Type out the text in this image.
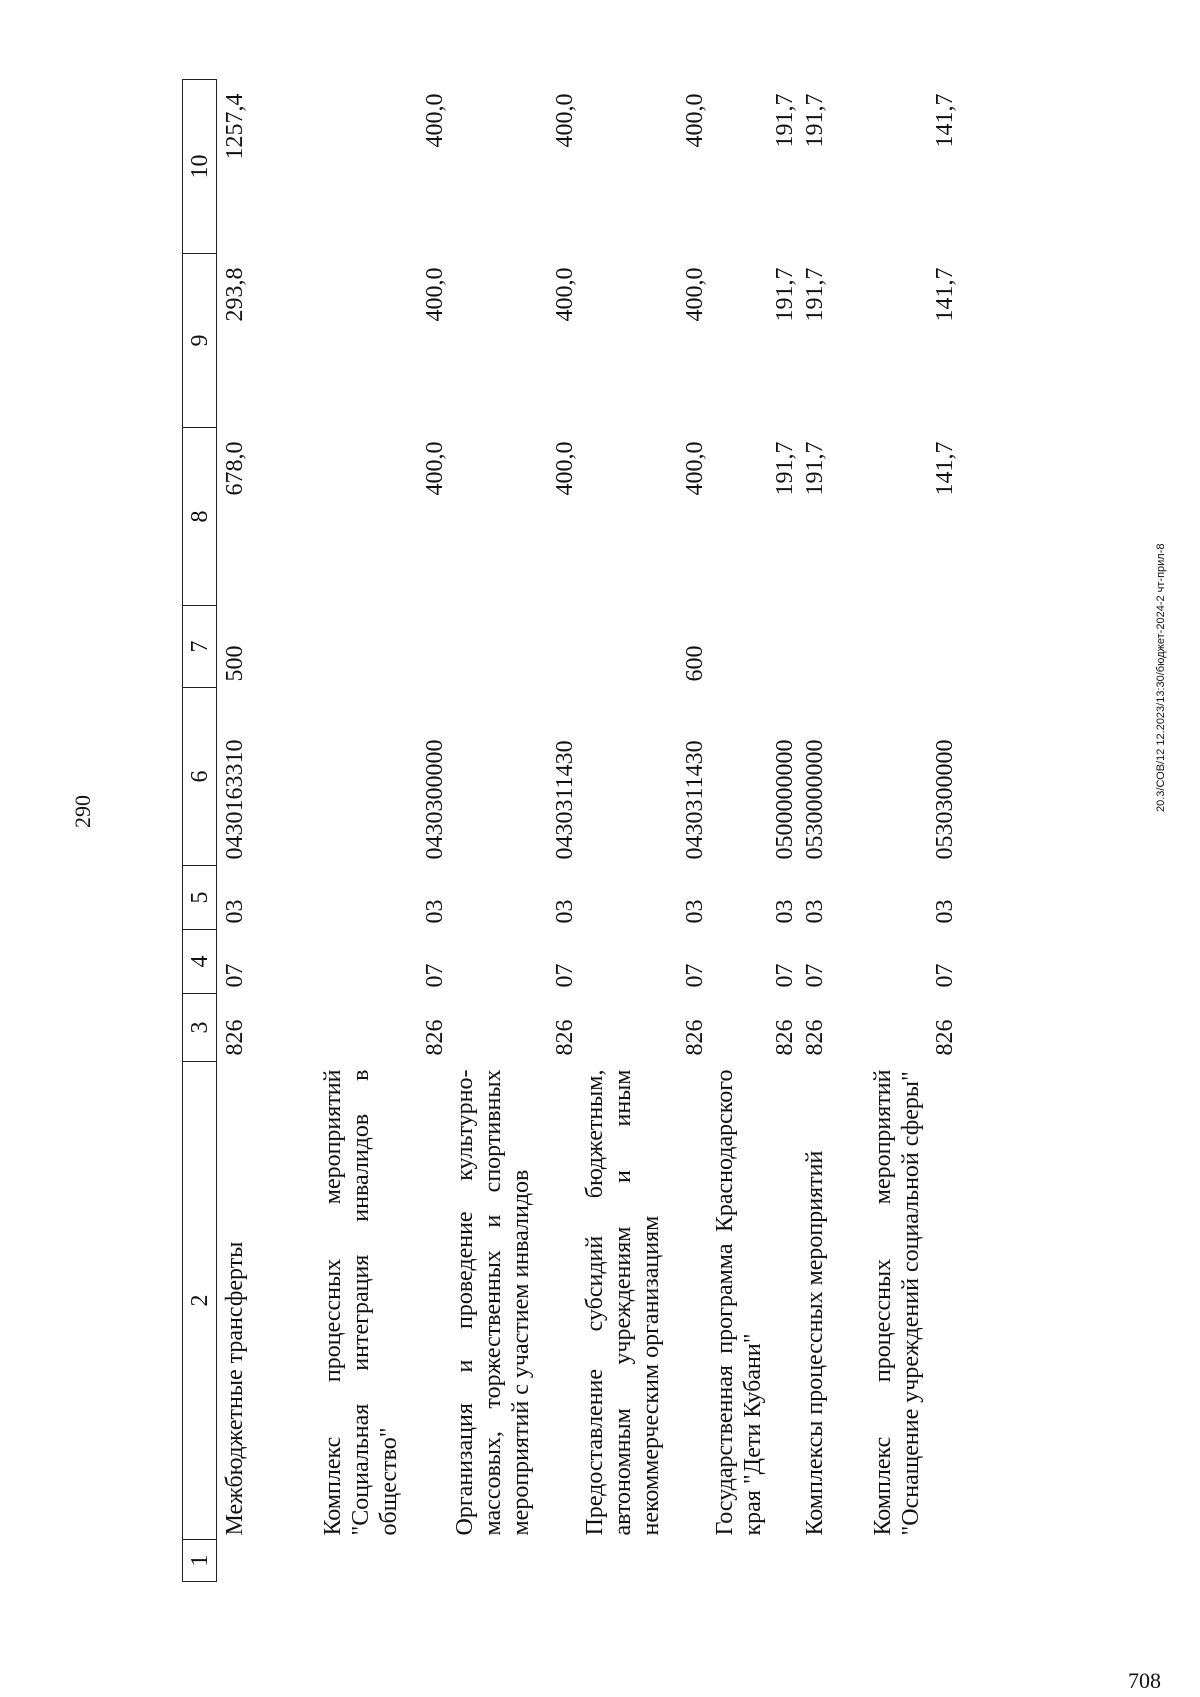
290
1	2	3	4	5	6	7	8	9	10
	Межбюджетные трансферты	826	07	03	0430163310	500	678,0	293,8	1257,4
	Комплекс процессных мероприятий "Социальная интеграция инвалидов в общество"	826	07	03	0430300000		400,0	400,0	400,0
	Организация и проведение культурно-массовых, торжественных и спортивных мероприятий с участием инвалидов	826	07	03	0430311430		400,0	400,0	400,0
	Предоставление субсидий бюджетным, автономным учреждениям и иным некоммерческим организациям	826	07	03	0430311430	600	400,0	400,0	400,0
	Государственная программа Краснодарского края "Дети Кубани"	826	07	03	0500000000		191,7	191,7	191,7
	Комплексы процессных мероприятий	826	07	03	0530000000		191,7	191,7	191,7
	Комплекс процессных мероприятий "Оснащение учреждений социальной сферы"	826	07	03	0530300000		141,7	141,7	141,7
20.3/СОВ/12 12.2023/13:30/бюджет-2024-2 чт-прил-8
708
